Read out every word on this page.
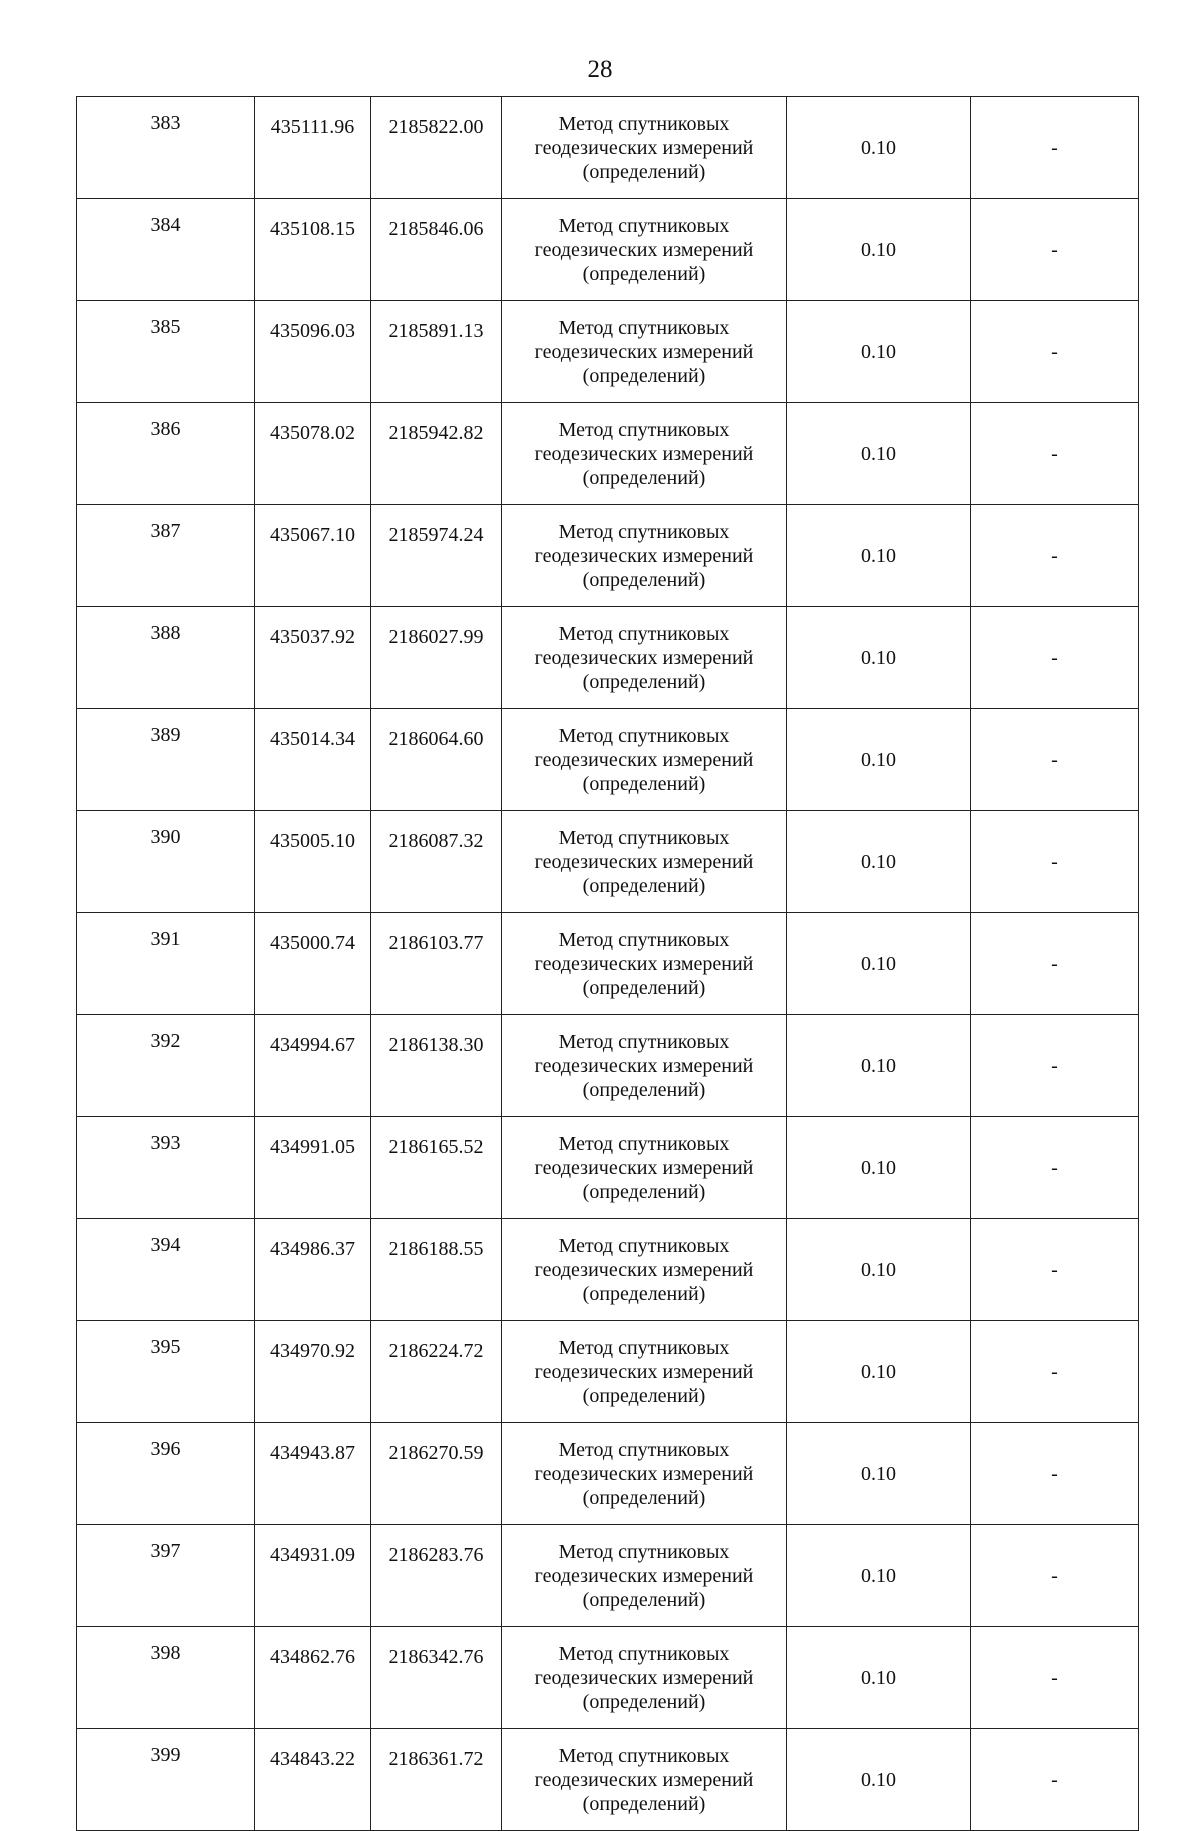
28
383	435111.96	2185822.00	Метод спутниковых
геодезических измерений
(определений)	0.10	-
384	435108.15	2185846.06	Метод спутниковых
геодезических измерений
(определений)	0.10	-
385	435096.03	2185891.13	Метод спутниковых
геодезических измерений
(определений)	0.10	-
386	435078.02	2185942.82	Метод спутниковых
геодезических измерений
(определений)	0.10	-
387	435067.10	2185974.24	Метод спутниковых
геодезических измерений
(определений)	0.10	-
388	435037.92	2186027.99	Метод спутниковых
геодезических измерений
(определений)	0.10	-
389	435014.34	2186064.60	Метод спутниковых
геодезических измерений
(определений)	0.10	-
390	435005.10	2186087.32	Метод спутниковых
геодезических измерений
(определений)	0.10	-
391	435000.74	2186103.77	Метод спутниковых
геодезических измерений
(определений)	0.10	-
392	434994.67	2186138.30	Метод спутниковых
геодезических измерений
(определений)	0.10	-
393	434991.05	2186165.52	Метод спутниковых
геодезических измерений
(определений)	0.10	-
394	434986.37	2186188.55	Метод спутниковых
геодезических измерений
(определений)	0.10	-
395	434970.92	2186224.72	Метод спутниковых
геодезических измерений
(определений)	0.10	-
396	434943.87	2186270.59	Метод спутниковых
геодезических измерений
(определений)	0.10	-
397	434931.09	2186283.76	Метод спутниковых
геодезических измерений
(определений)	0.10	-
398	434862.76	2186342.76	Метод спутниковых
геодезических измерений
(определений)	0.10	-
399	434843.22	2186361.72	Метод спутниковых
геодезических измерений
(определений)	0.10	-
